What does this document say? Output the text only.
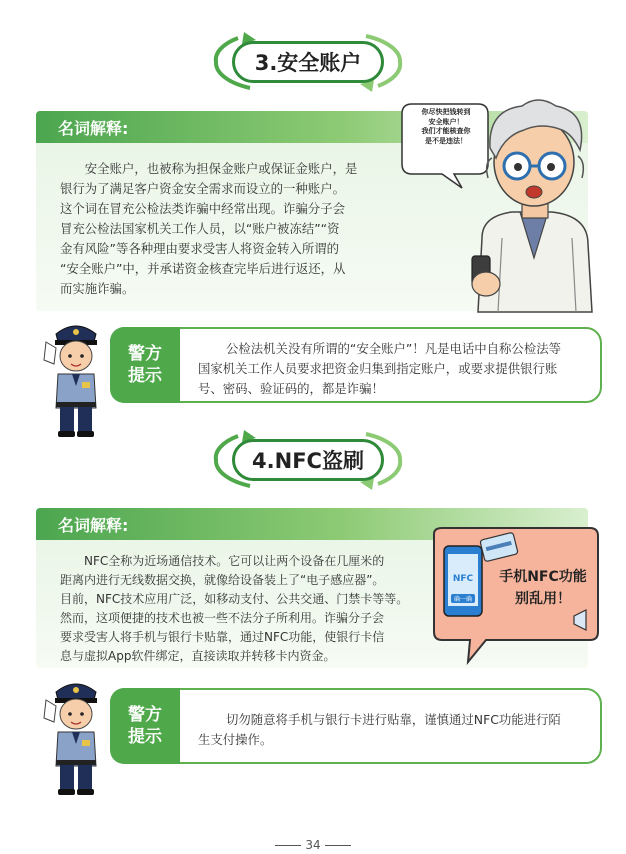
3.安全账户
名词解释:
　　安全账户，也被称为担保金账户或保证金账户，是
银行为了满足客户资金安全需求而设立的一种账户。
这个词在冒充公检法类诈骗中经常出现。诈骗分子会
冒充公检法国家机关工作人员，以“账户被冻结”“资
金有风险”等各种理由要求受害人将资金转入所谓的
“安全账户”中，并承诺资金核查完毕后进行返还，从
而实施诈骗。
你尽快把钱转到
安全账户！
我们才能核查你
是不是违法！
警方
提示
公检法机关没有所谓的“安全账户”！凡是电话中自称公检法等
国家机关工作人员要求把资金归集到指定账户，或要求提供银行账
号、密码、验证码的，都是诈骗！
4.NFC盗刷
名词解释:
　　NFC全称为近场通信技术。它可以让两个设备在几厘米的
距离内进行无线数据交换，就像给设备装上了“电子感应器”。
目前，NFC技术应用广泛，如移动支付、公共交通、门禁卡等等。
然而，这项便捷的技术也被一些不法分子所利用。诈骗分子会
要求受害人将手机与银行卡贴靠，通过NFC功能，使银行卡信
息与虚拟App软件绑定，直接读取并转移卡内资金。
NFC
确一确
手机NFC功能
别乱用！
警方
提示
切勿随意将手机与银行卡进行贴靠，谨慎通过NFC功能进行陌
生支付操作。
34
